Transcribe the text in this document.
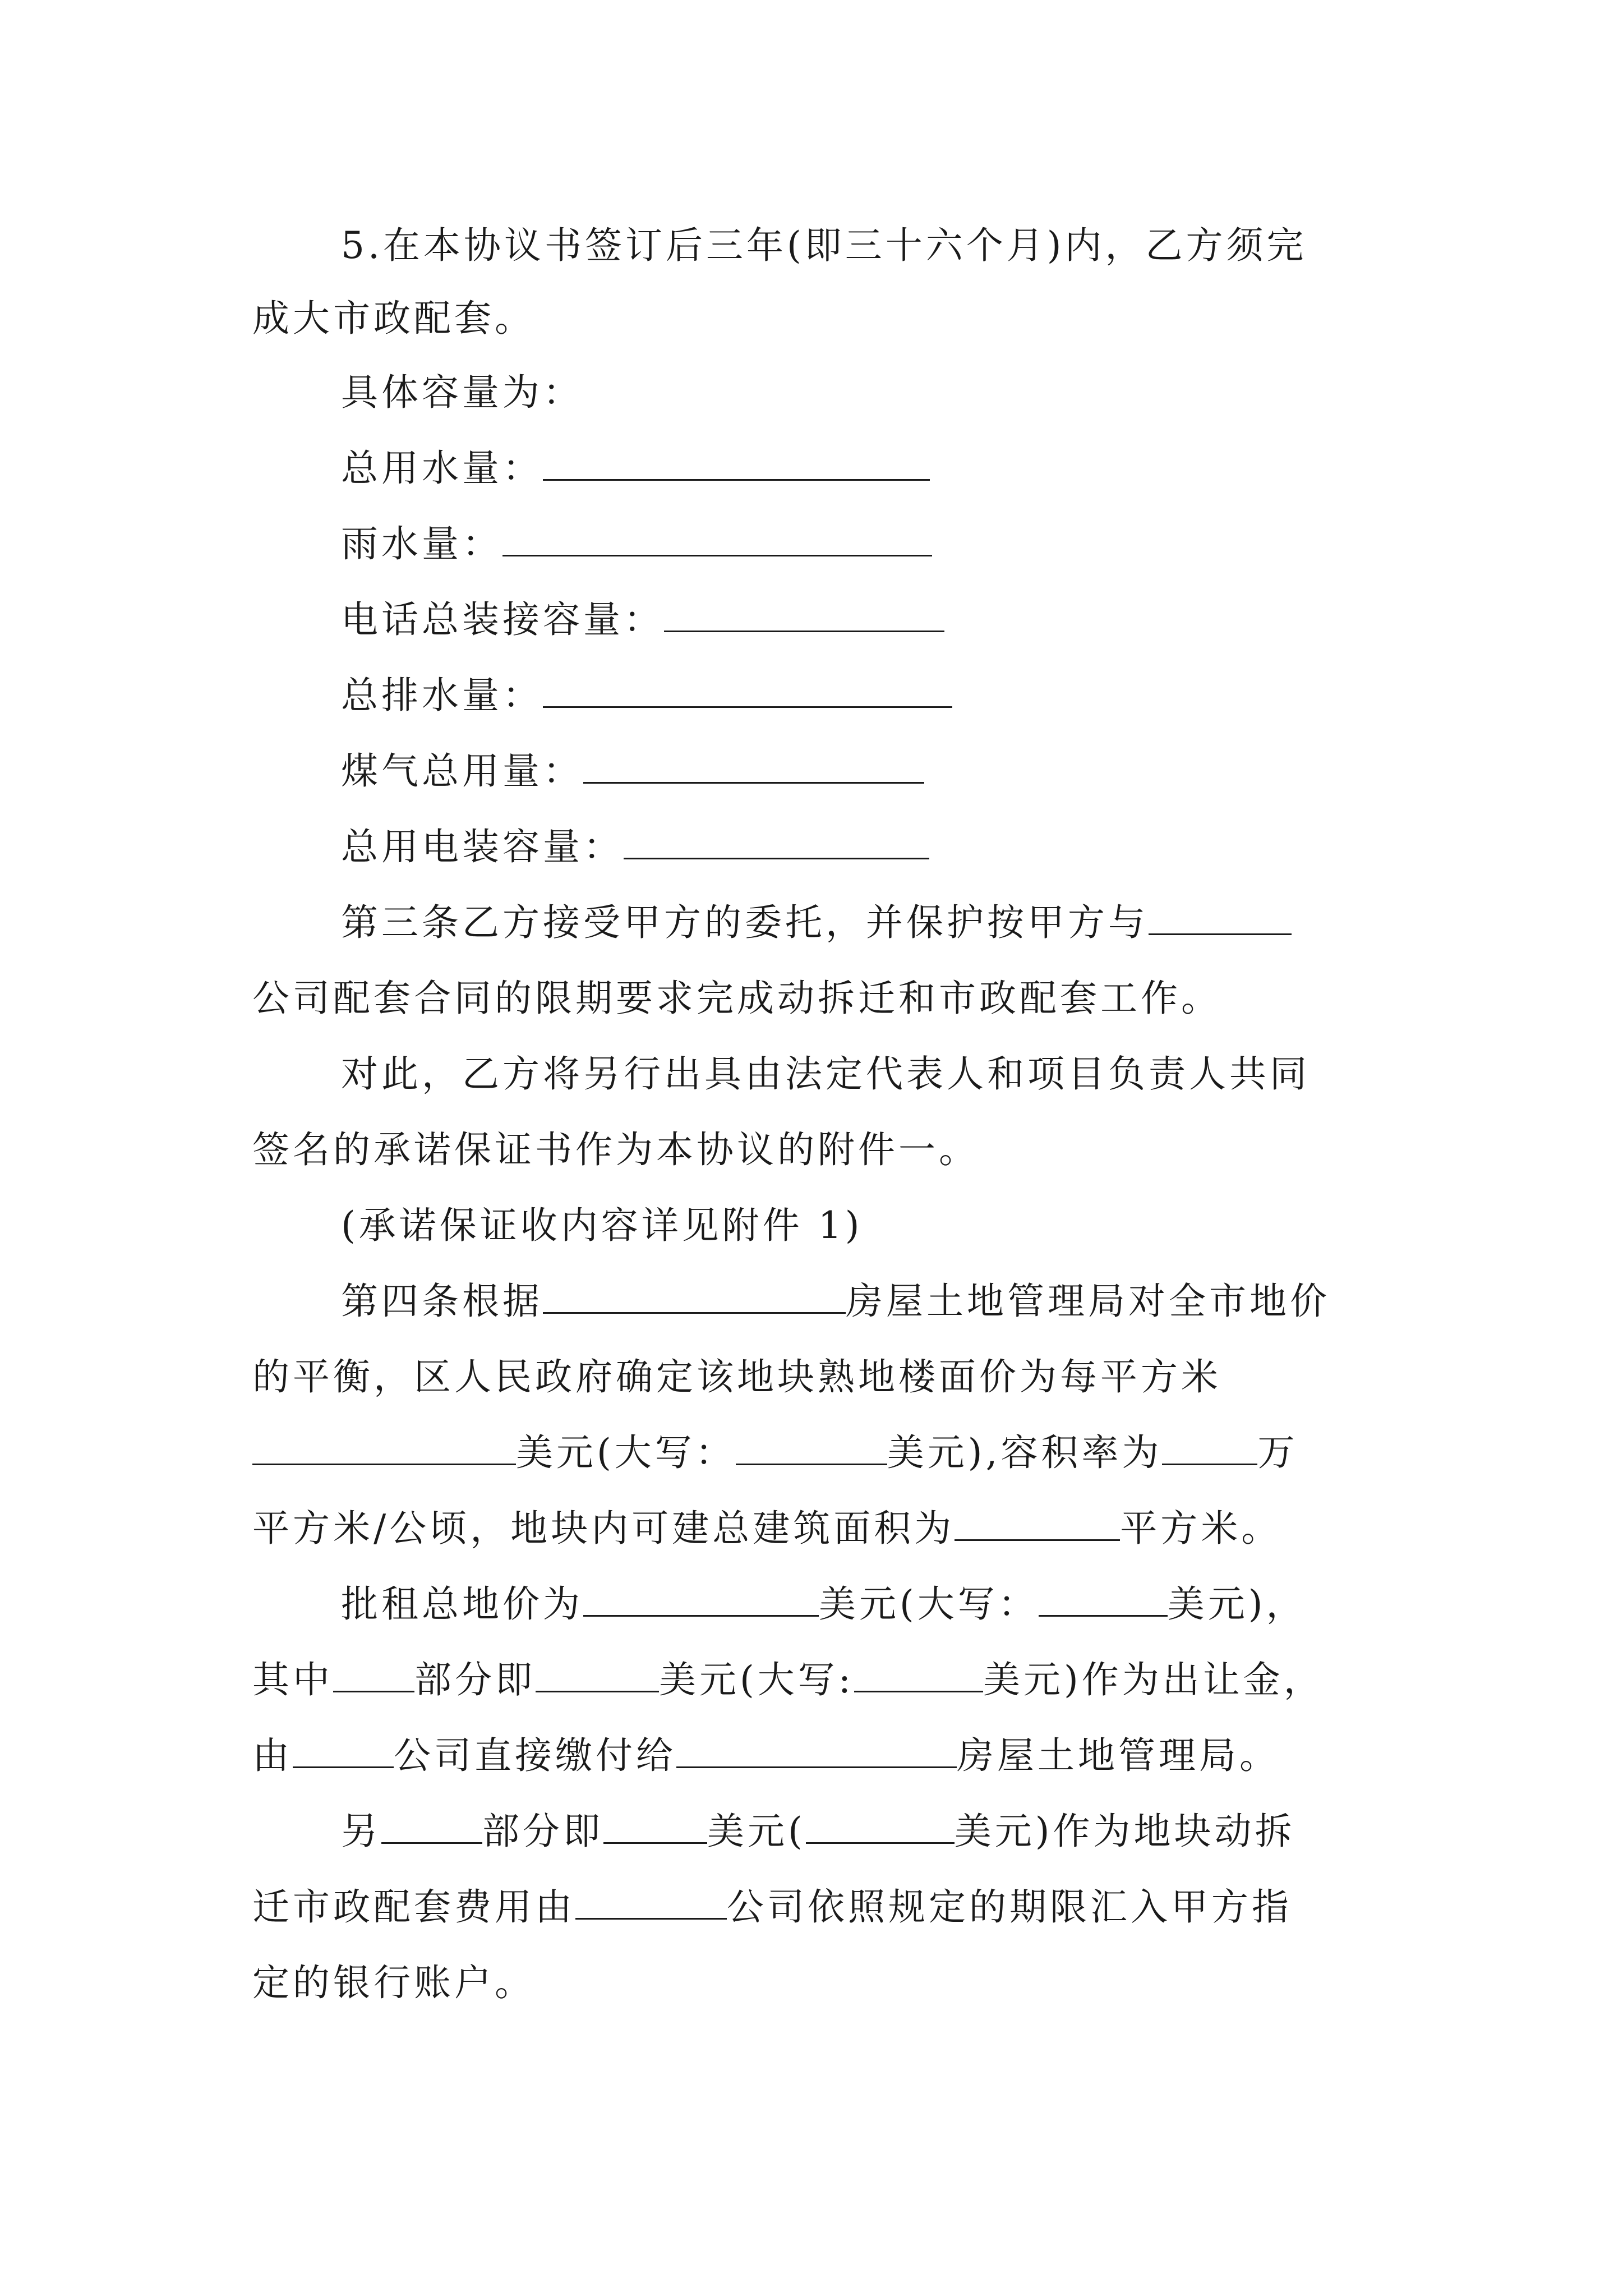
5.在本协议书签订后三年(即三十六个月)内，乙方须完
成大市政配套。
具体容量为：
总用水量：
雨水量：
电话总装接容量：
总排水量：
煤气总用量：
总用电装容量：
第三条乙方接受甲方的委托，并保护按甲方与
公司配套合同的限期要求完成动拆迁和市政配套工作。
对此，乙方将另行出具由法定代表人和项目负责人共同
签名的承诺保证书作为本协议的附件一。
(承诺保证收内容详见附件 1)
第四条根据	房屋土地管理局对全市地价
的平衡，区人民政府确定该地块熟地楼面价为每平方米
美元(大写：	美元),容积率为	万
平方米/公顷，地块内可建总建筑面积为	平方米。
批租总地价为	美元(大写：	美元)，
其中 部分即	美元(大写:	美元)作为出让金，
由	公司直接缴付给	房屋土地管理局。
另	部分即	美元(	美元)作为地块动拆
迁市政配套费用由	公司依照规定的期限汇入甲方指
定的银行账户。
